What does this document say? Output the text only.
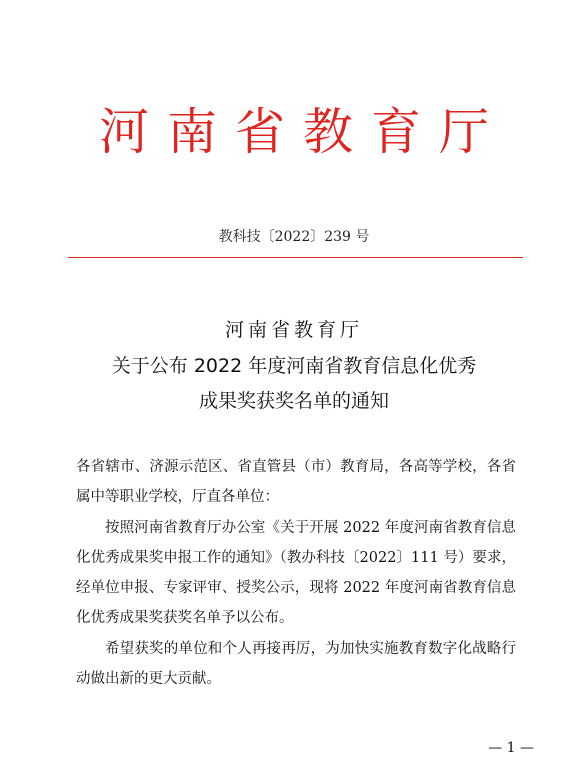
河南省教育厅
教科技〔2022〕239 号
河南省教育厅
关于公布 2022 年度河南省教育信息化优秀
成果奖获奖名单的通知
各省辖市、济源示范区、省直管县（市）教育局，各高等学校，各省属中等职业学校，厅直各单位：
按照河南省教育厅办公室《关于开展 2022 年度河南省教育信息化优秀成果奖申报工作的通知》（教办科技〔2022〕111 号）要求，经单位申报、专家评审、授奖公示，现将 2022 年度河南省教育信息化优秀成果奖获奖名单予以公布。
希望获奖的单位和个人再接再厉，为加快实施教育数字化战略行动做出新的更大贡献。
— 1 —
